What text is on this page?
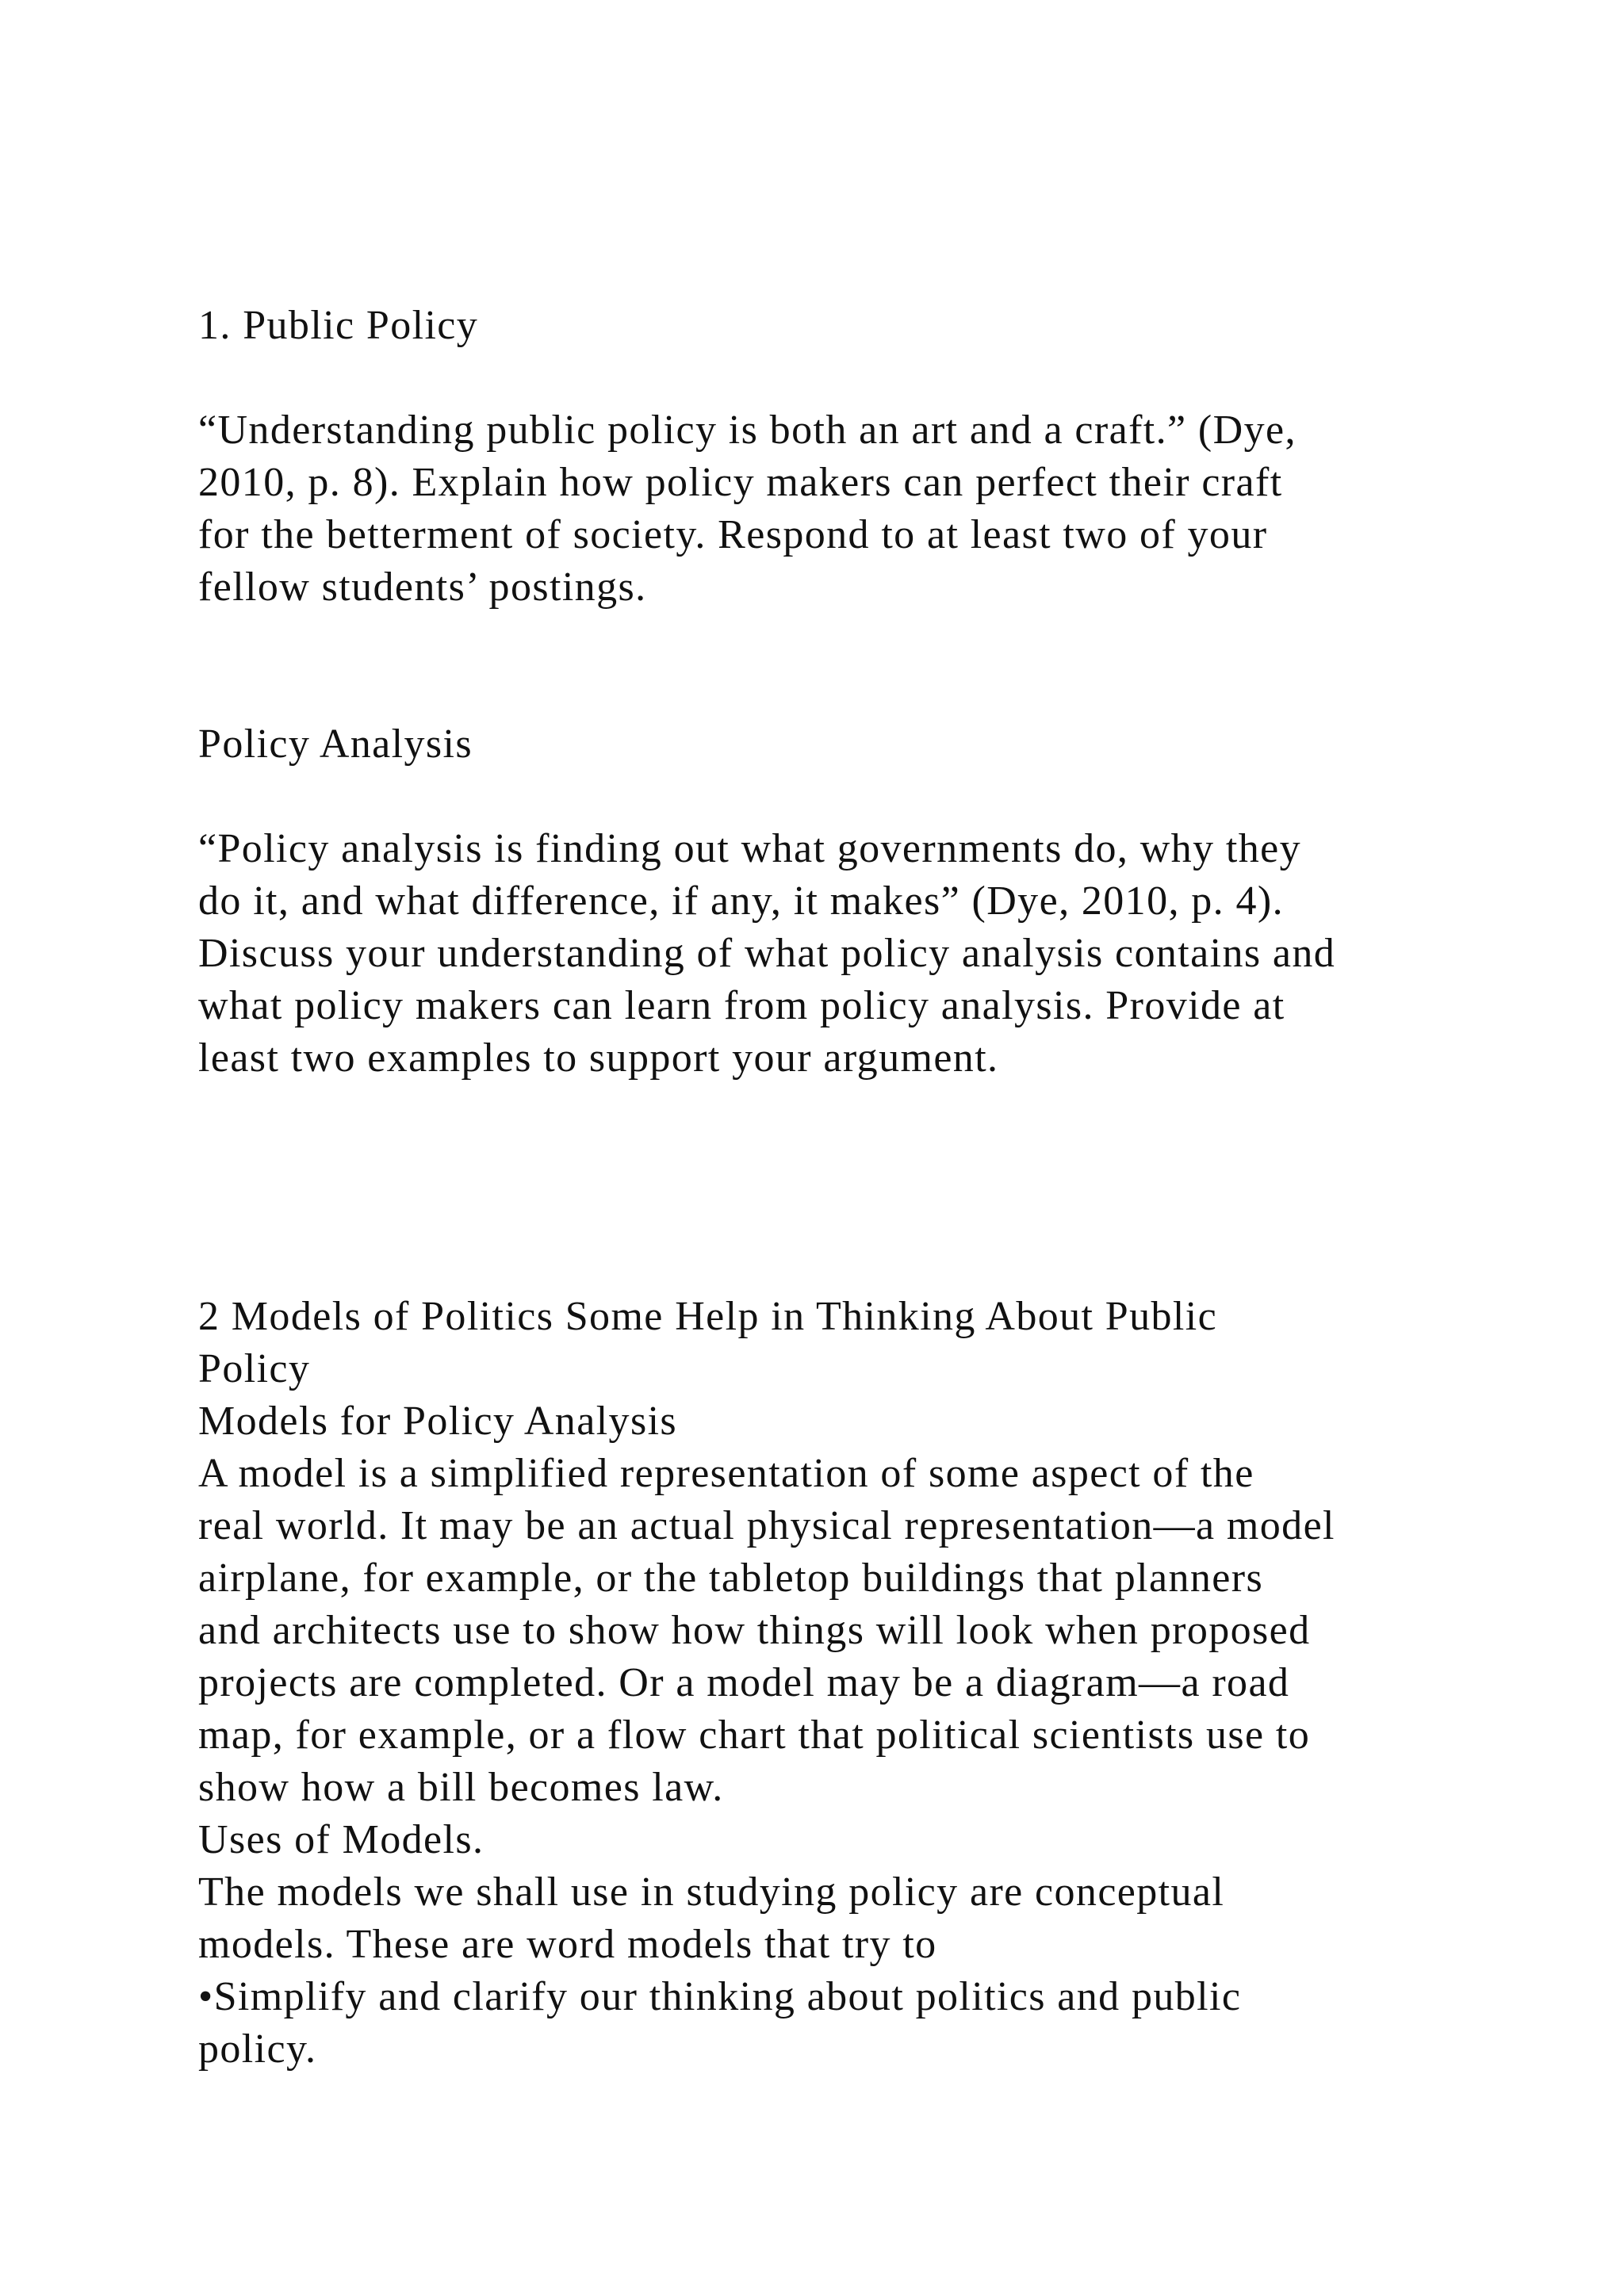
1. Public Policy
“Understanding public policy is both an art and a craft.” (Dye,
2010, p. 8). Explain how policy makers can perfect their craft
for the betterment of society. Respond to at least two of your
fellow students’ postings.
Policy Analysis
“Policy analysis is finding out what governments do, why they
do it, and what difference, if any, it makes” (Dye, 2010, p. 4).
Discuss your understanding of what policy analysis contains and
what policy makers can learn from policy analysis. Provide at
least two examples to support your argument.
2 Models of Politics Some Help in Thinking About Public
Policy
Models for Policy Analysis
A model is a simplified representation of some aspect of the
real world. It may be an actual physical representation—a model
airplane, for example, or the tabletop buildings that planners
and architects use to show how things will look when proposed
projects are completed. Or a model may be a diagram—a road
map, for example, or a flow chart that political scientists use to
show how a bill becomes law.
Uses of Models.
The models we shall use in studying policy are conceptual
models. These are word models that try to
•Simplify and clarify our thinking about politics and public
policy.
